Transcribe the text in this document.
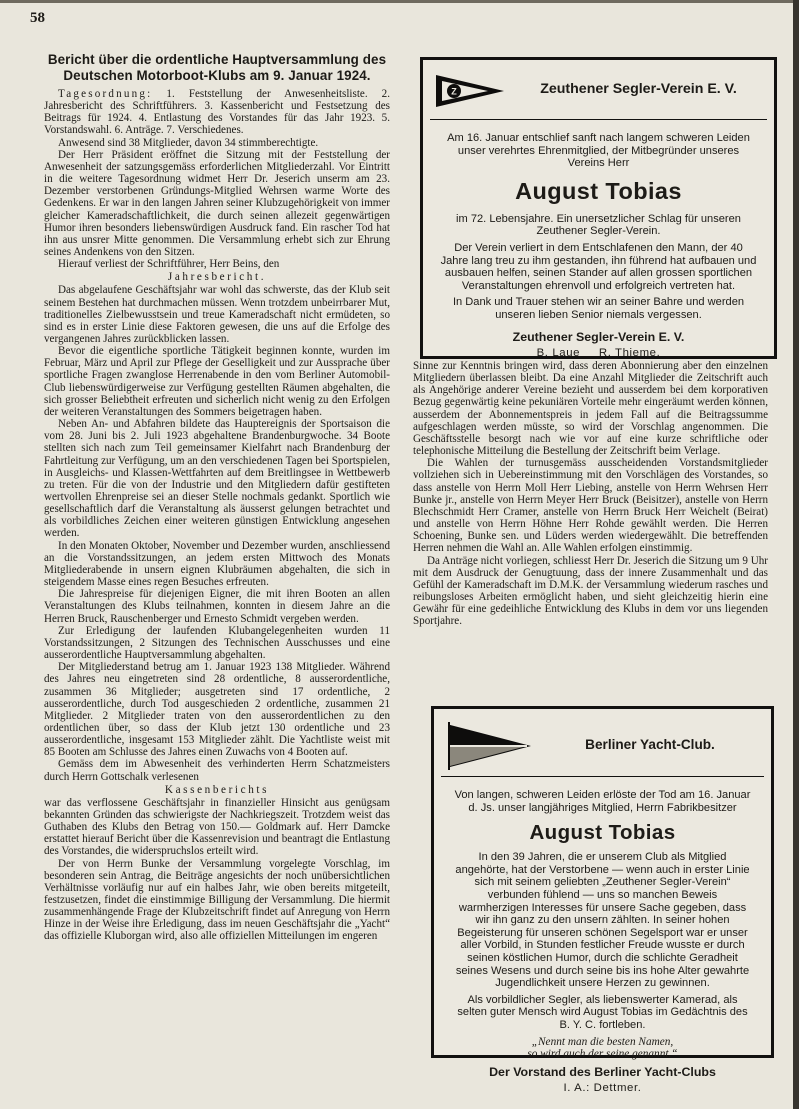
58
Bericht über die ordentliche Hauptversammlung des
Deutschen Motorboot-Klubs am 9. Januar 1924.

Tagesordnung: 1. Feststellung der Anwesenheitsliste. 2. Jahresbericht des Schriftführers. 3. Kassenbericht und Festsetzung des Beitrags für 1924. 4. Entlastung des Vorstandes für das Jahr 1923. 5. Vorstandswahl. 6. Anträge. 7. Verschiedenes.

Anwesend sind 38 Mitglieder, davon 34 stimmberechtigte.

Der Herr Präsident eröffnet die Sitzung mit der Feststellung der Anwesenheit der satzungsgemäss erforderlichen Mitgliederzahl. Vor Eintritt in die weitere Tagesordnung widmet Herr Dr. Jeserich unserm am 23. Dezember verstorbenen Gründungs-Mitglied Wehrsen warme Worte des Gedenkens. Er war in den langen Jahren seiner Klubzugehörigkeit von immer gleicher Kameradschaftlichkeit, die durch seinen allezeit gegenwärtigen Humor ihren besonders liebenswürdigen Ausdruck fand. Ein rascher Tod hat ihn aus unsrer Mitte genommen. Die Versammlung erhebt sich zur Ehrung seines Andenkens von den Sitzen.

Hierauf verliest der Schriftführer, Herr Beins, den

Jahresbericht.

Das abgelaufene Geschäftsjahr war wohl das schwerste, das der Klub seit seinem Bestehen hat durchmachen müssen. Wenn trotzdem unbeirrbarer Mut, traditionelles Zielbewusstsein und treue Kameradschaft nicht ermüdeten, so sind es in erster Linie diese Faktoren gewesen, die uns auf die Erfolge des vergangenen Jahres zurückblicken lassen.

Bevor die eigentliche sportliche Tätigkeit beginnen konnte, wurden im Februar, März und April zur Pflege der Geselligkeit und zur Aussprache über sportliche Fragen zwanglose Herrenabende in den vom Berliner Automobil-Club liebenswürdigerweise zur Verfügung gestellten Räumen abgehalten, die sich grosser Beliebtheit erfreuten und sicherlich nicht wenig zu den Erfolgen der weiteren Veranstaltungen des Sommers beigetragen haben.

Neben An- und Abfahren bildete das Hauptereignis der Sportsaison die vom 28. Juni bis 2. Juli 1923 abgehaltene Brandenburgwoche. 34 Boote stellten sich nach zum Teil gemeinsamer Kielfahrt nach Brandenburg der Fahrtleitung zur Verfügung, um an den verschiedenen Tagen bei Sportspielen, in Ausgleichs- und Klassen-Wettfahrten auf dem Breitlingsee in Wettbewerb zu treten. Für die von der Industrie und den Mitgliedern dafür gestifteten wertvollen Ehrenpreise sei an dieser Stelle nochmals gedankt. Sportlich wie gesellschaftlich darf die Veranstaltung als äusserst gelungen betrachtet und als vorbildliches Zeichen einer weiteren günstigen Entwicklung angesehen werden.

In den Monaten Oktober, November und Dezember wurden, anschliessend an die Vorstandssitzungen, an jedem ersten Mittwoch des Monats Mitgliederabende in unsern eignen Klubräumen abgehalten, die sich in steigendem Masse eines regen Besuches erfreuten.

Die Jahrespreise für diejenigen Eigner, die mit ihren Booten an allen Veranstaltungen des Klubs teilnahmen, konnten in diesem Jahre an die Herren Bruck, Rauschenberger und Ernesto Schmidt vergeben werden.

Zur Erledigung der laufenden Klubangelegenheiten wurden 11 Vorstandssitzungen, 2 Sitzungen des Technischen Ausschusses und eine ausserordentliche Hauptversammlung abgehalten.

Der Mitgliederstand betrug am 1. Januar 1923 138 Mitglieder. Während des Jahres neu eingetreten sind 28 ordentliche, 8 ausserordentliche, zusammen 36 Mitglieder; ausgetreten sind 17 ordentliche, 2 ausserordentliche, durch Tod ausgeschieden 2 ordentliche, zusammen 21 Mitglieder. 2 Mitglieder traten von den ausserordentlichen zu den ordentlichen über, so dass der Klub jetzt 130 ordentliche und 23 ausserordentliche, insgesamt 153 Mitglieder zählt. Die Yachtliste weist mit 85 Booten am Schlusse des Jahres einen Zuwachs von 4 Booten auf.

Gemäss dem im Abwesenheit des verhinderten Herrn Schatzmeisters durch Herrn Gottschalk verlesenen

Kassenberichts

war das verflossene Geschäftsjahr in finanzieller Hinsicht aus genügsam bekannten Gründen das schwierigste der Nachkriegszeit. Trotzdem weist das Guthaben des Klubs den Betrag von 150.— Goldmark auf. Herr Damcke erstattet hierauf Bericht über die Kassenrevision und beantragt die Entlastung des Vorstandes, die widerspruchslos erteilt wird.

Der von Herrn Bunke der Versammlung vorgelegte Vorschlag, im besonderen sein Antrag, die Beiträge angesichts der noch unübersichtlichen Verhältnisse vorläufig nur auf ein halbes Jahr, wie oben bereits mitgeteilt, festzusetzen, findet die einstimmige Billigung der Versammlung. Die hiermit zusammenhängende Frage der Klubzeitschrift findet auf Anregung von Herrn Hinze in der Weise ihre Erledigung, dass im neuen Geschäftsjahr die „Yacht“ das offizielle Kluborgan wird, also alle offiziellen Mitteilungen im engeren

Sinne zur Kenntnis bringen wird, dass deren Abonnierung aber den einzelnen Mitgliedern überlassen bleibt. Da eine Anzahl Mitglieder die Zeitschrift auch als Angehörige anderer Vereine bezieht und ausserdem bei dem korporativen Bezug gegenwärtig keine pekuniären Vorteile mehr eingeräumt werden können, ausserdem der Abonnementspreis in jedem Fall auf die Beitragssumme aufgeschlagen werden müsste, so wird der Vorschlag angenommen. Die Geschäftsstelle besorgt nach wie vor auf eine kurze schriftliche oder telephonische Mitteilung die Bestellung der Zeitschrift beim Verlage.

Die Wahlen der turnusgemäss ausscheidenden Vorstandsmitglieder vollziehen sich in Uebereinstimmung mit den Vorschlägen des Vorstandes, so dass anstelle von Herrn Moll Herr Liebing, anstelle von Herrn Wehrsen Herr Bunke jr., anstelle von Herrn Meyer Herr Bruck (Beisitzer), anstelle von Herrn Blechschmidt Herr Cramer, anstelle von Herrn Bruck Herr Weichelt (Beirat) und anstelle von Herrn Höhne Herr Rohde gewählt werden. Die Herren Schoening, Bunke sen. und Lüders werden wiedergewählt. Die betreffenden Herren nehmen die Wahl an. Alle Wahlen erfolgen einstimmig.

Da Anträge nicht vorliegen, schliesst Herr Dr. Jeserich die Sitzung um 9 Uhr mit dem Ausdruck der Genugtuung, dass der innere Zusammenhalt und das Gefühl der Kameradschaft im D.M.K. der Versammlung wiederum rasches und reibungsloses Arbeiten ermöglicht haben, und sieht gleichzeitig hierin eine Gewähr für eine gedeihliche Entwicklung des Klubs in dem vor uns liegenden Sportjahre.

Z	Zeuthener Segler-Verein E. V.

Am 16. Januar entschlief sanft nach langem schweren Leiden unser verehrtes Ehrenmitglied, der Mitbegründer unseres Vereins Herr

August Tobias

im 72. Lebensjahre. Ein unersetzlicher Schlag für unseren Zeuthener Segler-Verein.

Der Verein verliert in dem Entschlafenen den Mann, der 40 Jahre lang treu zu ihm gestanden, ihn führend hat aufbauen und ausbauen helfen, seinen Stander auf allen grossen sportlichen Veranstaltungen ehrenvoll und erfolgreich vertreten hat.

In Dank und Trauer stehen wir an seiner Bahre und werden unseren lieben Senior niemals vergessen.

Zeuthener Segler-Verein E. V.
B. Laue     R. Thieme.
Berliner Yacht-Club.

Von langen, schweren Leiden erlöste der Tod am 16. Januar d. Js. unser langjähriges Mitglied, Herrn Fabrikbesitzer

August Tobias

In den 39 Jahren, die er unserem Club als Mitglied angehörte, hat der Verstorbene — wenn auch in erster Linie sich mit seinem geliebten „Zeuthener Segler-Verein“ verbunden fühlend — uns so manchen Beweis warmherzigen Interesses für unsere Sache gegeben, dass wir ihn ganz zu den unsern zählten. In seiner hohen Begeisterung für unseren schönen Segelsport war er unser aller Vorbild, in Stunden festlicher Freude wusste er durch seinen köstlichen Humor, durch die schlichte Geradheit seines Wesens und durch seine bis ins hohe Alter gewahrte Jugendlichkeit unsere Herzen zu gewinnen.

Als vorbildlicher Segler, als liebenswerter Kamerad, als selten guter Mensch wird August Tobias im Gedächtnis des B. Y. C. fortleben.

„Nennt man die besten Namen,
so wird auch der seine genannt.“
Der Vorstand des Berliner Yacht-Clubs
I. A.: Dettmer.
